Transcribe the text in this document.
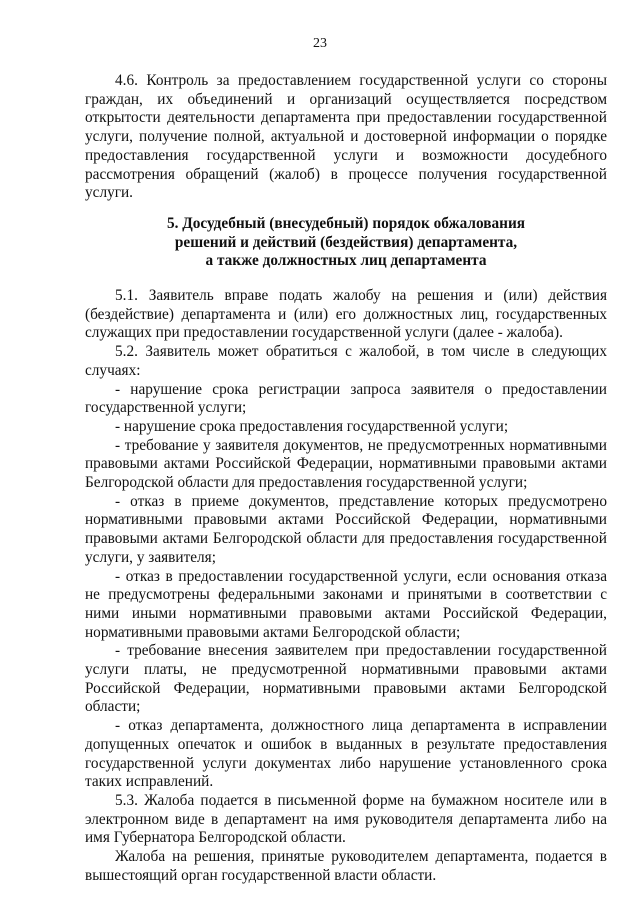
23

4.6. Контроль за предоставлением государственной услуги со стороны граждан, их объединений и организаций осуществляется посредством открытости деятельности департамента при предоставлении государственной услуги, получение полной, актуальной и достоверной информации о порядке предоставления государственной услуги и возможности досудебного рассмотрения обращений (жалоб) в процессе получения государственной услуги.

5. Досудебный (внесудебный) порядок обжалования
решений и действий (бездействия) департамента,
а также должностных лиц департамента

5.1. Заявитель вправе подать жалобу на решения и (или) действия (бездействие) департамента и (или) его должностных лиц, государственных служащих при предоставлении государственной услуги (далее - жалоба).

5.2. Заявитель может обратиться с жалобой, в том числе в следующих случаях:

- нарушение срока регистрации запроса заявителя о предоставлении государственной услуги;

- нарушение срока предоставления государственной услуги;

- требование у заявителя документов, не предусмотренных нормативными правовыми актами Российской Федерации, нормативными правовыми актами Белгородской области для предоставления государственной услуги;

- отказ в приеме документов, представление которых предусмотрено нормативными правовыми актами Российской Федерации, нормативными правовыми актами Белгородской области для предоставления государственной услуги, у заявителя;

- отказ в предоставлении государственной услуги, если основания отказа не предусмотрены федеральными законами и принятыми в соответствии с ними иными нормативными правовыми актами Российской Федерации, нормативными правовыми актами Белгородской области;

- требование внесения заявителем при предоставлении государственной услуги платы, не предусмотренной нормативными правовыми актами Российской Федерации, нормативными правовыми актами Белгородской области;

- отказ департамента, должностного лица департамента в исправлении допущенных опечаток и ошибок в выданных в результате предоставления государственной услуги документах либо нарушение установленного срока таких исправлений.

5.3. Жалоба подается в письменной форме на бумажном носителе или в электронном виде в департамент на имя руководителя департамента либо на имя Губернатора Белгородской области.

Жалоба на решения, принятые руководителем департамента, подается в вышестоящий орган государственной власти области.
